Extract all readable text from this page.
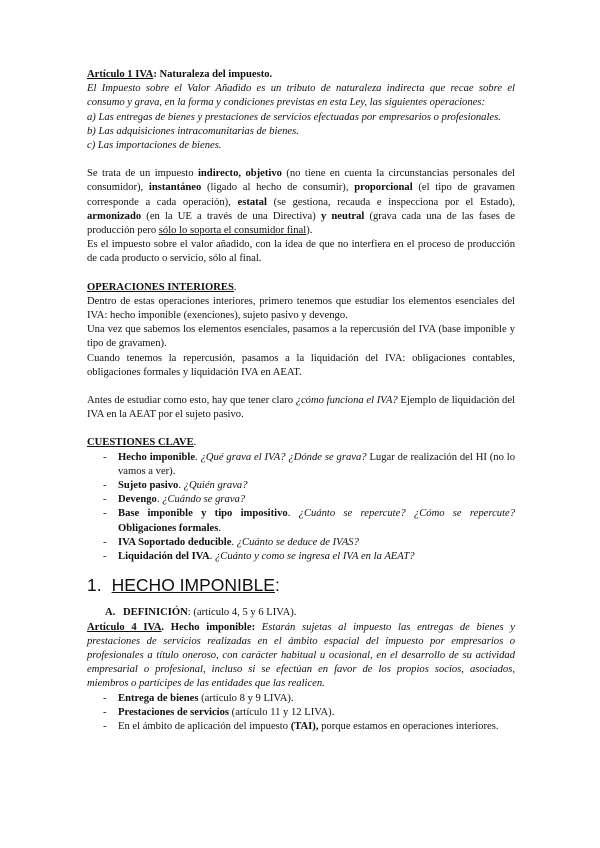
Artículo 1 IVA: Naturaleza del impuesto.

El Impuesto sobre el Valor Añadido es un tributo de naturaleza indirecta que recae sobre el consumo y grava, en la forma y condiciones previstas en esta Ley, las siguientes operaciones:

a) Las entregas de bienes y prestaciones de servicios efectuadas por empresarios o profesionales.

b) Las adquisiciones intracomunitarias de bienes.

c) Las importaciones de bienes.

Se trata de un impuesto indirecto, objetivo (no tiene en cuenta la circunstancias personales del consumidor), instantáneo (ligado al hecho de consumir), proporcional (el tipo de gravamen corresponde a cada operación), estatal (se gestiona, recauda e inspecciona por el Estado), armonizado (en la UE a través de una Directiva) y neutral (grava cada una de las fases de producción pero sólo lo soporta el consumidor final).

Es el impuesto sobre el valor añadido, con la idea de que no interfiera en el proceso de producción de cada producto o servicio, sólo al final.

OPERACIONES INTERIORES.

Dentro de estas operaciones interiores, primero tenemos que estudiar los elementos esenciales del IVA: hecho imponible (exenciones), sujeto pasivo y devengo.

Una vez que sabemos los elementos esenciales, pasamos a la repercusión del IVA (base imponible y tipo de gravamen).

Cuando tenemos la repercusión, pasamos a la liquidación del IVA: obligaciones contables, obligaciones formales y liquidación IVA en AEAT.

Antes de estudiar como esto, hay que tener claro ¿cómo funciona el IVA? Ejemplo de liquidación del IVA en la AEAT por el sujeto pasivo.

CUESTIONES CLAVE.

- Hecho imponible. ¿Qué grava el IVA? ¿Dónde se grava? Lugar de realización del HI (no lo vamos a ver).
- Sujeto pasivo. ¿Quién grava?
- Devengo. ¿Cuándo se grava?
- Base imponible y tipo impositivo. ¿Cuánto se repercute? ¿Cómo se repercute? Obligaciones formales.
- IVA Soportado deducible. ¿Cuánto se deduce de IVAS?
- Liquidación del IVA. ¿Cuánto y como se ingresa el IVA en la AEAT?
1. HECHO IMPONIBLE:

A. DEFINICIÓN: (artículo 4, 5 y 6 LIVA).

Artículo 4 IVA. Hecho imponible: Estarán sujetas al impuesto las entregas de bienes y prestaciones de servicios realizadas en el ámbito espacial del impuesto por empresarios o profesionales a título oneroso, con carácter habitual u ocasional, en el desarrollo de su actividad empresarial o profesional, incluso si se efectúan en favor de los propios socios, asociados, miembros o partícipes de las entidades que las realicen.

- Entrega de bienes (artículo 8 y 9 LIVA).
- Prestaciones de servicios (artículo 11 y 12 LIVA).
- En el ámbito de aplicación del impuesto (TAI), porque estamos en operaciones interiores.
